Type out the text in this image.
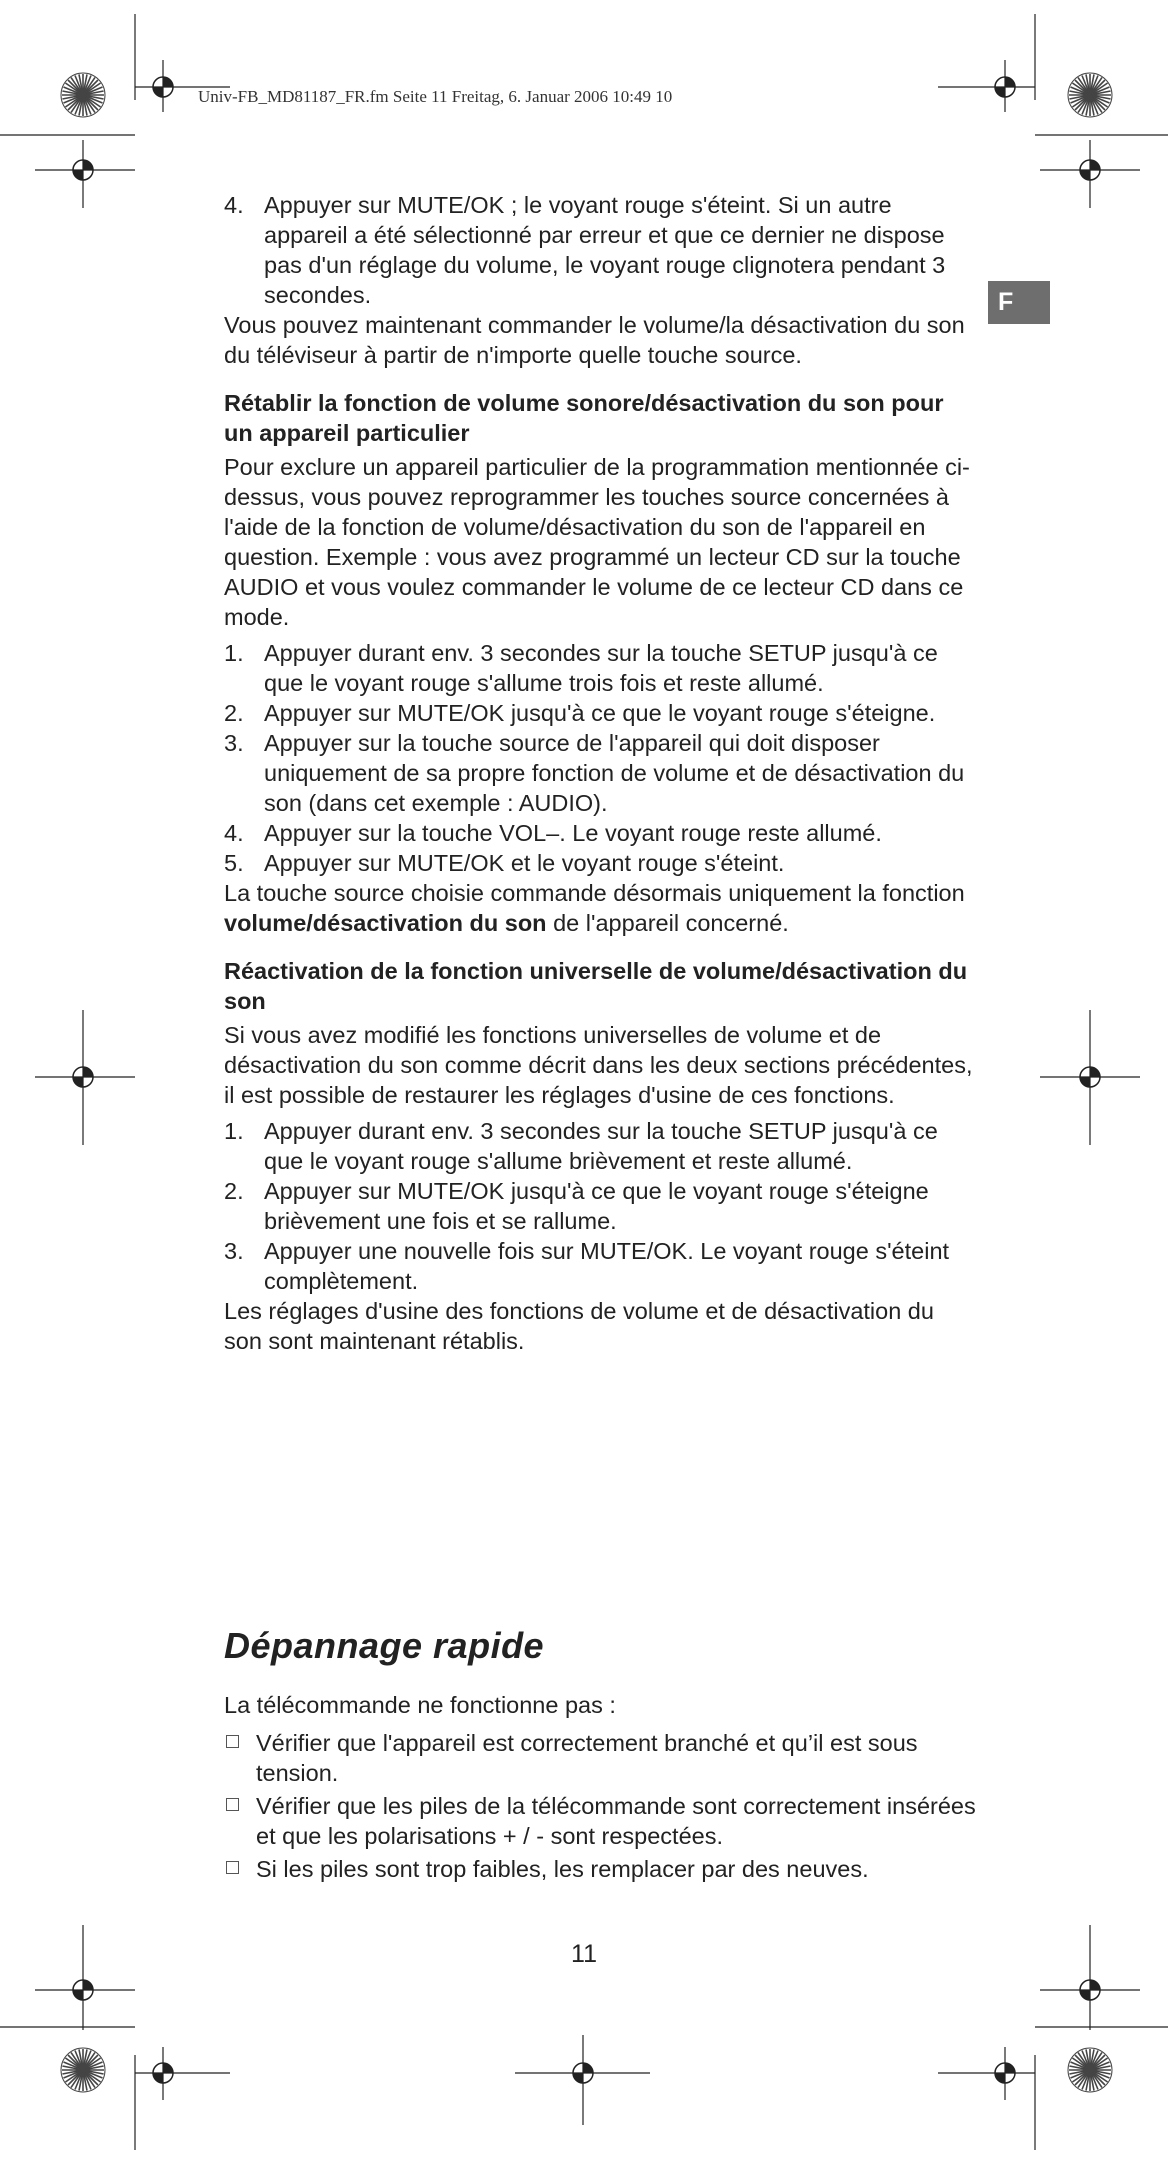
Univ-FB_MD81187_FR.fm Seite 11 Freitag, 6. Januar 2006 10:49 10
F
4. Appuyer sur MUTE/OK ; le voyant rouge s'éteint. Si un autre appareil a été sélectionné par erreur et que ce dernier ne dispose pas d'un réglage du volume, le voyant rouge clignotera pendant 3 secondes.

Vous pouvez maintenant commander le volume/la désactivation du son du téléviseur à partir de n'importe quelle touche source.

Rétablir la fonction de volume sonore/désactivation du son pour un appareil particulier

Pour exclure un appareil particulier de la programmation mentionnée ci-dessus, vous pouvez reprogrammer les touches source concernées à l'aide de la fonction de volume/désactivation du son de l'appareil en question. Exemple : vous avez programmé un lecteur CD sur la touche AUDIO et vous voulez commander le volume de ce lecteur CD dans ce mode.

1. Appuyer durant env. 3 secondes sur la touche SETUP jusqu'à ce que le voyant rouge s'allume trois fois et reste allumé.
2. Appuyer sur MUTE/OK jusqu'à ce que le voyant rouge s'éteigne.
3. Appuyer sur la touche source de l'appareil qui doit disposer uniquement de sa propre fonction de volume et de désactivation du son (dans cet exemple : AUDIO).
4. Appuyer sur la touche VOL–. Le voyant rouge reste allumé.
5. Appuyer sur MUTE/OK et le voyant rouge s'éteint.

La touche source choisie commande désormais uniquement la fonction volume/désactivation du son de l'appareil concerné.

Réactivation de la fonction universelle de volume/désactivation du son

Si vous avez modifié les fonctions universelles de volume et de désactivation du son comme décrit dans les deux sections précédentes, il est possible de restaurer les réglages d'usine de ces fonctions.

1. Appuyer durant env. 3 secondes sur la touche SETUP jusqu'à ce que le voyant rouge s'allume brièvement et reste allumé.
2. Appuyer sur MUTE/OK jusqu'à ce que le voyant rouge s'éteigne brièvement une fois et se rallume.
3. Appuyer une nouvelle fois sur MUTE/OK. Le voyant rouge s'éteint complètement.

Les réglages d'usine des fonctions de volume et de désactivation du son sont maintenant rétablis.

Dépannage rapide
La télécommande ne fonctionne pas :
Vérifier que l'appareil est correctement branché et qu’il est sous tension.
Vérifier que les piles de la télécommande sont correctement insérées et que les polarisations + / - sont respectées.
Si les piles sont trop faibles, les remplacer par des neuves.
11
